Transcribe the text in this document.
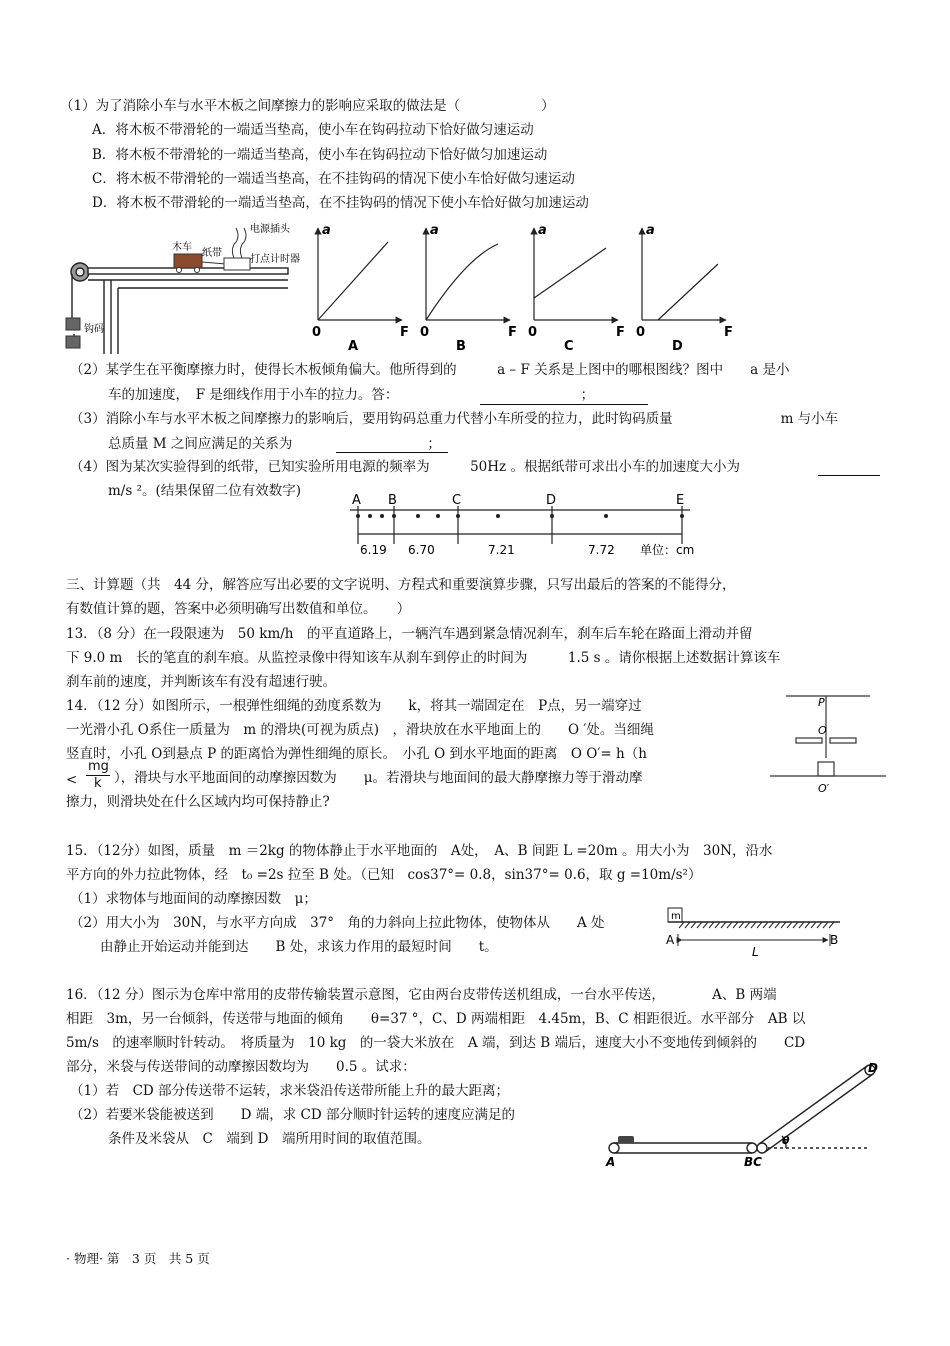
（1）为了消除小车与水平木板之间摩擦力的影响应采取的做法是（　　　　　　）
A．将木板不带滑轮的一端适当垫高，使小车在钩码拉动下恰好做匀速运动
B．将木板不带滑轮的一端适当垫高，使小车在钩码拉动下恰好做匀加速运动
C．将木板不带滑轮的一端适当垫高，在不挂钩码的情况下使小车恰好做匀速运动
D．将木板不带滑轮的一端适当垫高，在不挂钩码的情况下使小车恰好做匀加速运动
木车
纸带
电源插头
打点计时器
钩码
a
F
0
A
a
F
0
B
a
F
0
C
a
F
0
D
（2）某学生在平衡摩擦力时，使得长木板倾角偏大。他所得到的　　　a – F 关系是上图中的哪根图线？图中　　a 是小
车的加速度，　F 是细线作用于小车的拉力。答：　　　　　　　　　　　　　　；
（3）消除小车与水平木板之间摩擦力的影响后，要用钩码总重力代替小车所受的拉力，此时钩码质量　　　　　　　　m 与小车
总质量 M 之间应满足的关系为　　　　　　　　　　；
（4）图为某次实验得到的纸带，已知实验所用电源的频率为　　　50Hz 。根据纸带可求出小车的加速度大小为
m/s ²。(结果保留二位有效数字)
A B	C	D	E
6.19 6.70	7.21	7.72 单位：cm
三、计算题（共　44 分，解答应写出必要的文字说明、方程式和重要演算步骤，只写出最后的答案的不能得分，
有数值计算的题，答案中必须明确写出数值和单位。　　）
13．（8 分）在一段限速为　50 km/h　的平直道路上，一辆汽车遇到紧急情况刹车，刹车后车轮在路面上滑动并留
下 9.0 m　长的笔直的刹车痕。从监控录像中得知该车从刹车到停止的时间为　　　1.5 s 。请你根据上述数据计算该车
刹车前的速度，并判断该车有没有超速行驶。
14．（12 分）如图所示，一根弹性细绳的劲度系数为　　k，将其一端固定在　P点，另一端穿过
一光滑小孔 O系住一质量为　m 的滑块(可视为质点)　，滑块放在水平地面上的　　O ′处。当细绳
竖直时，小孔 O到悬点 P 的距离恰为弹性细绳的原长。　小孔 O 到水平地面的距离　O O′= h（h
<
mg
k ），滑块与水平地面间的动摩擦因数为　　μ。若滑块与地面间的最大静摩擦力等于滑动摩
擦力，则滑块处在什么区域内均可保持静止?
P
O
O′
15．（12分）如图，质量　m ＝2kg 的物体静止于水平地面的　A处，　A、B 间距 L =20m 。用大小为　30N，沿水
平方向的外力拉此物体，经　t₀ =2s 拉至 B 处。（已知　cos37°= 0.8，sin37°= 0.6，取 g =10m/s²）
（1）求物体与地面间的动摩擦因数　μ；
（2）用大小为　30N，与水平方向成　37°　角的力斜向上拉此物体，使物体从　　A 处
由静止开始运动并能到达　　B 处，求该力作用的最短时间　　t。
m
A	B
L
16．（12 分）图示为仓库中常用的皮带传输装置示意图，它由两台皮带传送机组成，一台水平传送，　　　　A、B 两端
相距　3m，另一台倾斜，传送带与地面的倾角　　θ=37 °，C、D 两端相距　4.45m，B、C 相距很近。水平部分　AB 以
5m/s　的速率顺时针转动。　将质量为　10 kg　的一袋大米放在　A 端，到达 B 端后，速度大小不变地传到倾斜的　　CD
部分，米袋与传送带间的动摩擦因数均为　　0.5 。试求：
（1）若　CD 部分传送带不运转，求米袋沿传送带所能上升的最大距离；
（2）若要米袋能被送到　　D 端，求 CD 部分顺时针运转的速度应满足的
条件及米袋从　C　端到 D　端所用时间的取值范围。
A	BC
D
θ
· 物理· 第　3 页　共 5 页
